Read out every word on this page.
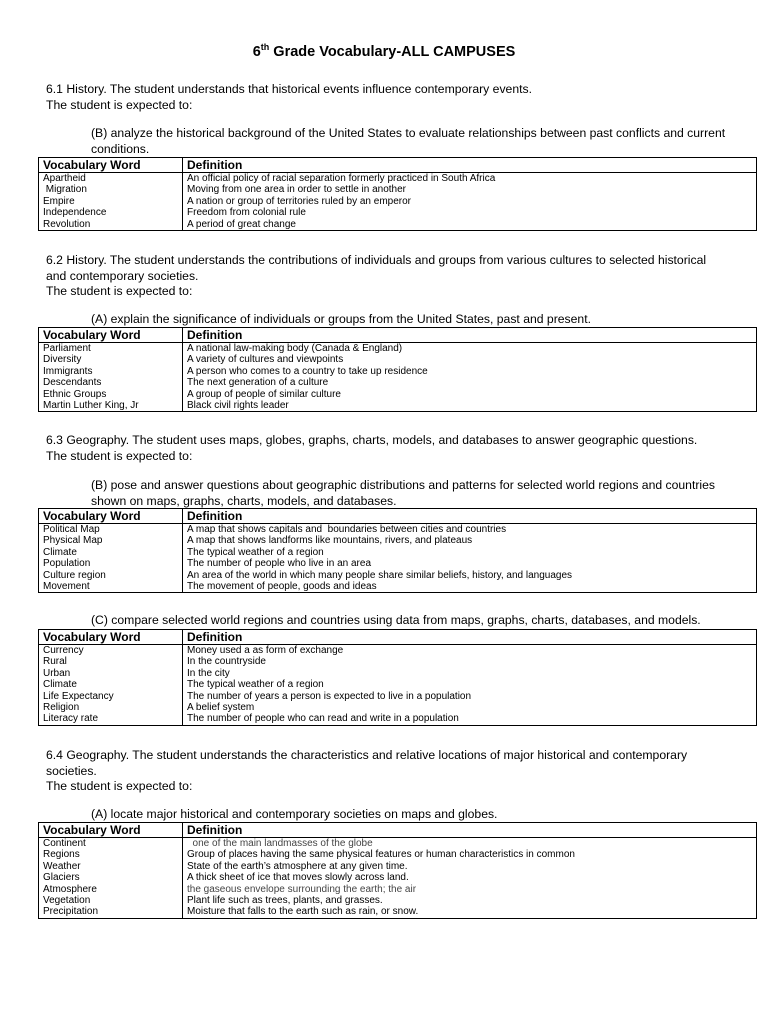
6th Grade Vocabulary-ALL CAMPUSES
6.1 History. The student understands that historical events influence contemporary events.
The student is expected to:
(B) analyze the historical background of the United States to evaluate relationships between past conflicts and current conditions.
Vocabulary Word	Definition
Apartheid	An official policy of racial separation formerly practiced in South Africa
Migration	Moving from one area in order to settle in another
Empire	A nation or group of territories ruled by an emperor
Independence	Freedom from colonial rule
Revolution	A period of great change
6.2 History. The student understands the contributions of individuals and groups from various cultures to selected historical and contemporary societies.
The student is expected to:
(A) explain the significance of individuals or groups from the United States, past and present.
Vocabulary Word	Definition
Parliament	A national law-making body (Canada & England)
Diversity	A variety of cultures and viewpoints
Immigrants	A person who comes to a country to take up residence
Descendants	The next generation of a culture
Ethnic Groups	A group of people of similar culture
Martin Luther King, Jr	Black civil rights leader
6.3 Geography. The student uses maps, globes, graphs, charts, models, and databases to answer geographic questions.
The student is expected to:
(B) pose and answer questions about geographic distributions and patterns for selected world regions and countries shown on maps, graphs, charts, models, and databases.
Vocabulary Word	Definition
Political Map	A map that shows capitals and  boundaries between cities and countries
Physical Map	A map that shows landforms like mountains, rivers, and plateaus
Climate	The typical weather of a region
Population	The number of people who live in an area
Culture region	An area of the world in which many people share similar beliefs, history, and languages
Movement	The movement of people, goods and ideas
(C) compare selected world regions and countries using data from maps, graphs, charts, databases, and models.
Vocabulary Word	Definition
Currency	Money used a as form of exchange
Rural	In the countryside
Urban	In the city
Climate	The typical weather of a region
Life Expectancy	The number of years a person is expected to live in a population
Religion	A belief system
Literacy rate	The number of people who can read and write in a population
6.4 Geography. The student understands the characteristics and relative locations of major historical and contemporary societies.
The student is expected to:
(A) locate major historical and contemporary societies on maps and globes.
Vocabulary Word	Definition
Continent	one of the main landmasses of the globe
Regions	Group of places having the same physical features or human characteristics in common
Weather	State of the earth’s atmosphere at any given time.
Glaciers	A thick sheet of ice that moves slowly across land.
Atmosphere	the gaseous envelope surrounding the earth; the air
Vegetation	Plant life such as trees, plants, and grasses.
Precipitation	Moisture that falls to the earth such as rain, or snow.
